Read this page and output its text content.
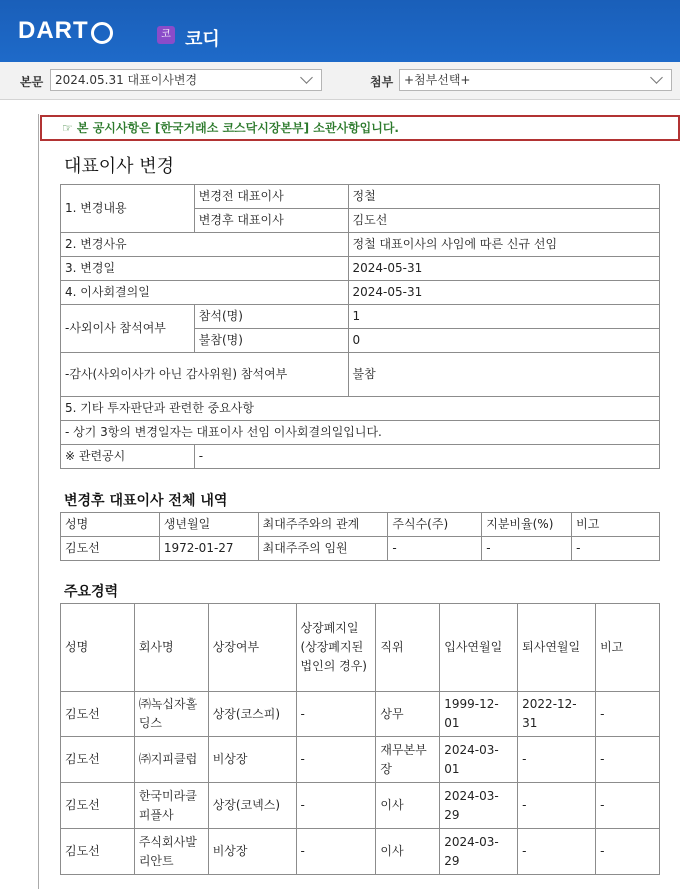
DART	코 코디
본문 2024.05.31 대표이사변경	첨부 +첨부선택+
☞ 본 공시사항은 [한국거래소 코스닥시장본부] 소관사항입니다.
대표이사 변경
1. 변경내용	변경전 대표이사	정철
	변경후 대표이사	김도선
2. 변경사유		정철 대표이사의 사임에 따른 신규 선임
3. 변경일		2024-05-31
4. 이사회결의일		2024-05-31
-사외이사 참석여부	참석(명)	1
	불참(명)	0
-감사(사외이사가 아닌 감사위원) 참석여부		불참
5. 기타 투자판단과 관련한 중요사항		
- 상기 3항의 변경일자는 대표이사 선임 이사회결의일입니다.		
※ 관련공시	-	
변경후 대표이사 전체 내역
성명	생년월일	최대주주와의 관계	주식수(주)	지분비율(%)	비고
김도선	1972-01-27	최대주주의 임원	-	-	-
주요경력
성명	회사명	상장여부	상장폐지일(상장폐지된 법인의 경우)	직위	입사연월일	퇴사연월일	비고
김도선	㈜녹십자홀딩스	상장(코스피)	-	상무	1999-12-01	2022-12-31	-
김도선	㈜지피클럽	비상장	-	재무본부장	2024-03-01	-	-
김도선	한국미라클피플사	상장(코넥스)	-	이사	2024-03-29	-	-
김도선	주식회사발리안트	비상장	-	이사	2024-03-29	-	-
